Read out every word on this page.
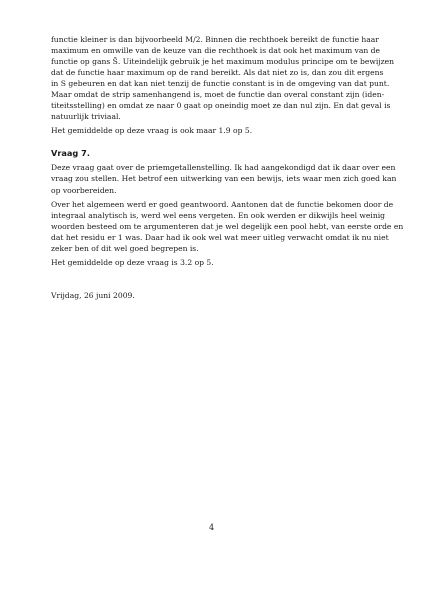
functie kleiner is dan bijvoorbeeld M/2. Binnen die rechthoek bereikt de functie haar
maximum en omwille van de keuze van die rechthoek is dat ook het maximum van de
functie op gans S̄. Uiteindelijk gebruik je het maximum modulus principe om te bewijzen
dat de functie haar maximum op de rand bereikt. Als dat niet zo is, dan zou dit ergens
in S gebeuren en dat kan niet tenzij de functie constant is in de omgeving van dat punt.
Maar omdat de strip samenhangend is, moet de functie dan overal constant zijn (iden-
titeitsstelling) en omdat ze naar 0 gaat op oneindig moet ze dan nul zijn. En dat geval is
natuurlijk triviaal.
Het gemiddelde op deze vraag is ook maar 1.9 op 5.
Vraag 7.
Deze vraag gaat over de priemgetallenstelling. Ik had aangekondigd dat ik daar over een
vraag zou stellen. Het betrof een uitwerking van een bewijs, iets waar men zich goed kan
op voorbereiden.
Over het algemeen werd er goed geantwoord. Aantonen dat de functie bekomen door de
integraal analytisch is, werd wel eens vergeten. En ook werden er dikwijls heel weinig
woorden besteed om te argumenteren dat je wel degelijk een pool hebt, van eerste orde en
dat het residu er 1 was. Daar had ik ook wel wat meer uitleg verwacht omdat ik nu niet
zeker ben of dit wel goed begrepen is.
Het gemiddelde op deze vraag is 3.2 op 5.
Vrijdag, 26 juni 2009.
4
